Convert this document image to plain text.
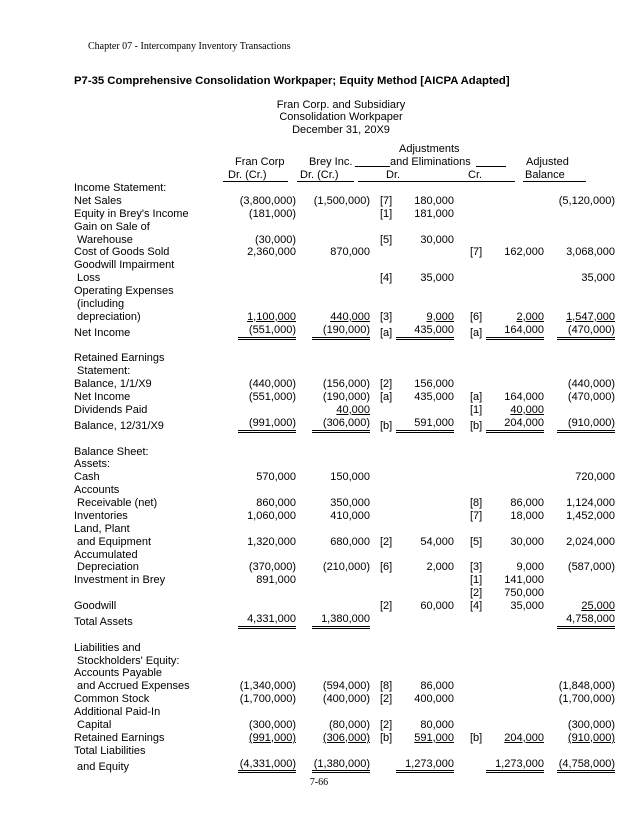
Chapter 07 - Intercompany Inventory Transactions
P7-35 Comprehensive Consolidation Workpaper; Equity Method [AICPA Adapted]
Fran Corp. and Subsidiary
Consolidation Workpaper
December 31, 20X9
Adjustments
and Eliminations
Fran Corp Brey Inc.	Adjusted
Dr. (Cr.)	Dr. (Cr.)	Dr.	Cr.	Balance
Income Statement:							
Net Sales	(3,800,000)	(1,500,000)	[7]	180,000			(5,120,000)
Equity in Brey's Income	(181,000)		[1]	181,000			
Gain on Sale of							
Warehouse	(30,000)		[5]	30,000			
Cost of Goods Sold	2,360,000	870,000			[7]	162,000	3,068,000
Goodwill Impairment							
Loss			[4]	35,000			35,000
Operating Expenses							
(including							
depreciation)	1,100,000	440,000	[3]	9,000	[6]	2,000	1,547,000
Net Income	(551,000)	(190,000)	[a]	435,000	[a]	164,000	(470,000)

Retained Earnings							
Statement:							
Balance, 1/1/X9	(440,000)	(156,000)	[2]	156,000			(440,000)
Net Income	(551,000)	(190,000)	[a]	435,000	[a]	164,000	(470,000)
Dividends Paid		40,000			[1]	40,000	
Balance, 12/31/X9	(991,000)	(306,000)	[b]	591,000	[b]	204,000	(910,000)

Balance Sheet:							
Assets:							
Cash	570,000	150,000					720,000
Accounts							
Receivable (net)	860,000	350,000			[8]	86,000	1,124,000
Inventories	1,060,000	410,000			[7]	18,000	1,452,000
Land, Plant							
and Equipment	1,320,000	680,000	[2]	54,000	[5]	30,000	2,024,000
Accumulated							
Depreciation	(370,000)	(210,000)	[6]	2,000	[3]	9,000	(587,000)
Investment in Brey	891,000				[1]	141,000	
					[2]	750,000	
Goodwill			[2]	60,000	[4]	35,000	25,000
Total Assets	4,331,000	1,380,000					4,758,000

Liabilities and							
Stockholders' Equity:							
Accounts Payable							
and Accrued Expenses	(1,340,000)	(594,000)	[8]	86,000			(1,848,000)
Common Stock	(1,700,000)	(400,000)	[2]	400,000			(1,700,000)
Additional Paid-In							
Capital	(300,000)	(80,000)	[2]	80,000			(300,000)
Retained Earnings	(991,000)	(306,000)	[b]	591,000	[b]	204,000	(910,000)
Total Liabilities							
and Equity	(4,331,000)	(1,380,000)		1,273,000		1,273,000	(4,758,000)
7-66
